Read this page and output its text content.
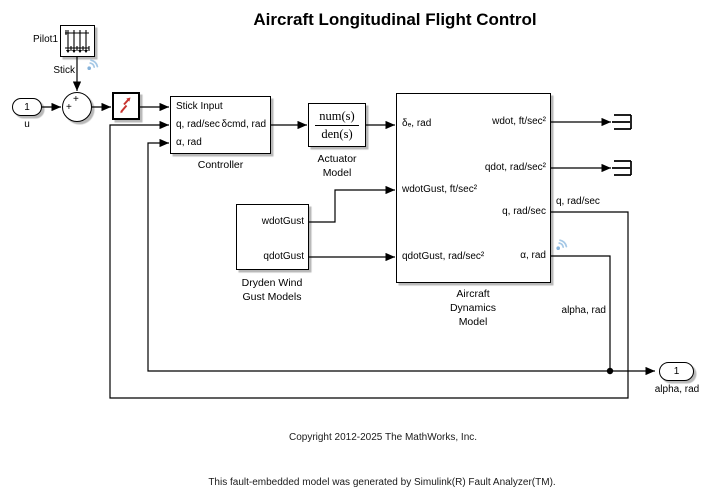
Aircraft Longitudinal Flight Control
Pilot1
Stick
1
u
+
+	Stick Input
q, rad/sec
α, rad
δcmd, rad
Controller
num(s)
den(s)
Actuator
Model
wdotGust
qdotGust
Dryden Wind
Gust Models
δₑ, rad
wdotGust, ft/sec²
qdotGust, rad/sec²
wdot, ft/sec²
qdot, rad/sec²
q, rad/sec
α, rad
Aircraft
Dynamics
Model
q, rad/sec
alpha, rad
1
alpha, rad
Copyright 2012-2025 The MathWorks, Inc.
This fault-embedded model was generated by Simulink(R) Fault Analyzer(TM).
